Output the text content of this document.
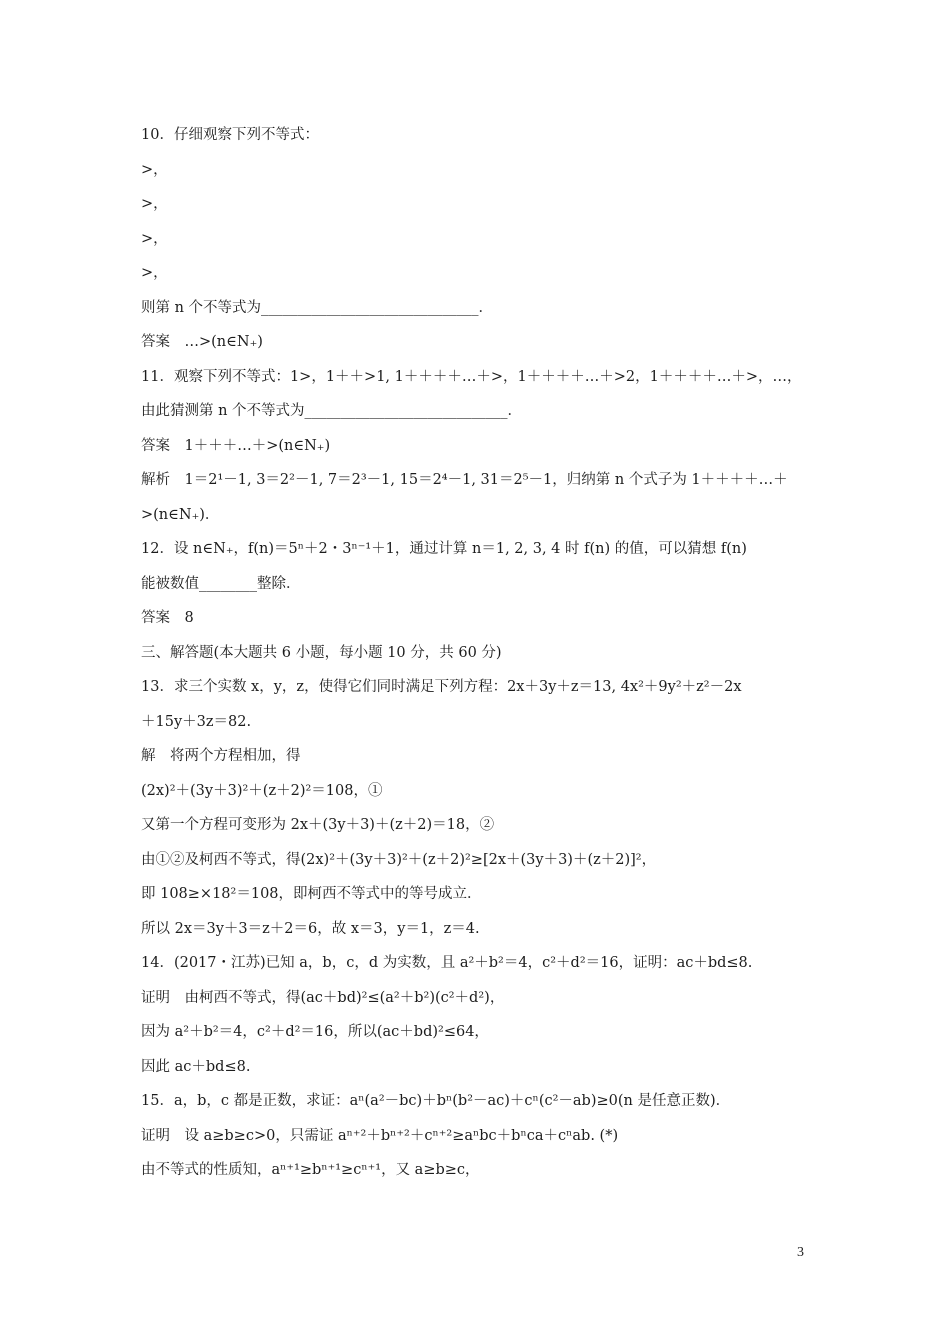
10．仔细观察下列不等式：
>，
>，
>，
>，
则第 n 个不等式为______________________________．
答案　…>(n∈N₊)
11．观察下列不等式：1>，1＋＋>1, 1＋＋＋＋…＋>，1＋＋＋＋…＋>2，1＋＋＋＋…＋>，…，
由此猜测第 n 个不等式为____________________________．
答案　1＋＋＋…＋>(n∈N₊)
解析　1＝2¹－1, 3＝2²－1, 7＝2³－1, 15＝2⁴－1, 31＝2⁵－1，归纳第 n 个式子为 1＋＋＋＋…＋
>(n∈N₊)．
12．设 n∈N₊，f(n)＝5ⁿ＋2・3ⁿ⁻¹＋1，通过计算 n＝1, 2, 3, 4 时 f(n) 的值，可以猜想 f(n)
能被数值________整除．
答案　8
三、解答题(本大题共 6 小题，每小题 10 分，共 60 分)
13．求三个实数 x，y，z，使得它们同时满足下列方程：2x＋3y＋z＝13, 4x²＋9y²＋z²－2x
＋15y＋3z＝82.
解　将两个方程相加，得
(2x)²＋(3y＋3)²＋(z＋2)²＝108，①
又第一个方程可变形为 2x＋(3y＋3)＋(z＋2)＝18，②
由①②及柯西不等式，得(2x)²＋(3y＋3)²＋(z＋2)²≥[2x＋(3y＋3)＋(z＋2)]²，
即 108≥×18²＝108，即柯西不等式中的等号成立．
所以 2x＝3y＋3＝z＋2＝6，故 x＝3，y＝1，z＝4.
14．(2017・江苏)已知 a，b，c，d 为实数，且 a²＋b²＝4，c²＋d²＝16，证明：ac＋bd≤8.
证明　由柯西不等式，得(ac＋bd)²≤(a²＋b²)(c²＋d²)，
因为 a²＋b²＝4，c²＋d²＝16，所以(ac＋bd)²≤64，
因此 ac＋bd≤8.
15．a，b，c 都是正数，求证：aⁿ(a²－bc)＋bⁿ(b²－ac)＋cⁿ(c²－ab)≥0(n 是任意正数)．
证明　设 a≥b≥c>0，只需证 aⁿ⁺²＋bⁿ⁺²＋cⁿ⁺²≥aⁿbc＋bⁿca＋cⁿab. (*)
由不等式的性质知，aⁿ⁺¹≥bⁿ⁺¹≥cⁿ⁺¹，又 a≥b≥c，
3
